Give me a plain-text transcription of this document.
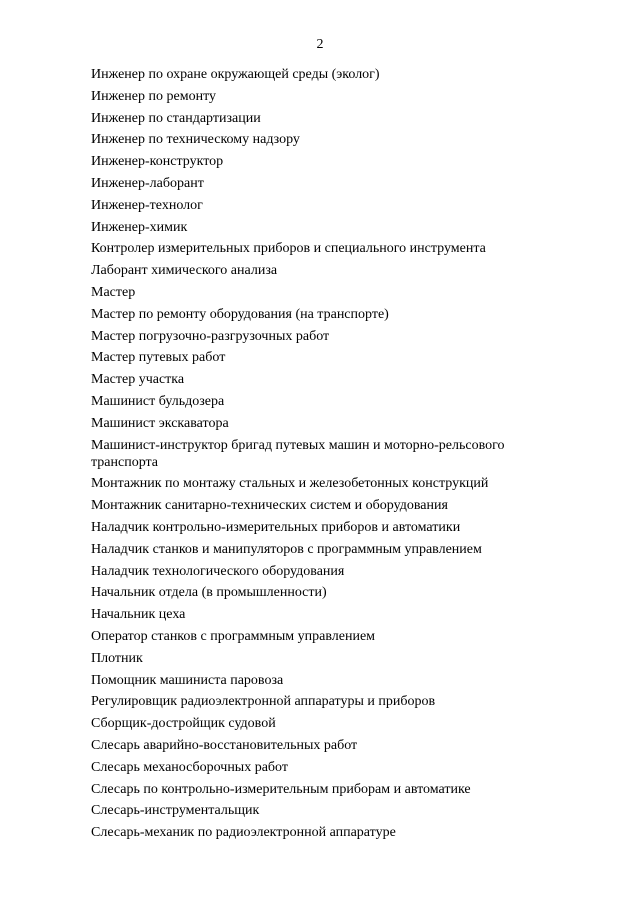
2
Инженер по охране окружающей среды (эколог)
Инженер по ремонту
Инженер по стандартизации
Инженер по техническому надзору
Инженер-конструктор
Инженер-лаборант
Инженер-технолог
Инженер-химик
Контролер измерительных приборов и специального инструмента
Лаборант химического анализа
Мастер
Мастер по ремонту оборудования (на транспорте)
Мастер погрузочно-разгрузочных работ
Мастер путевых работ
Мастер участка
Машинист бульдозера
Машинист экскаватора
Машинист-инструктор бригад путевых машин и моторно-рельсового транспорта
Монтажник по монтажу стальных и железобетонных конструкций
Монтажник санитарно-технических систем и оборудования
Наладчик контрольно-измерительных приборов и автоматики
Наладчик станков и манипуляторов с программным управлением
Наладчик технологического оборудования
Начальник отдела (в промышленности)
Начальник цеха
Оператор станков с программным управлением
Плотник
Помощник машиниста паровоза
Регулировщик радиоэлектронной аппаратуры и приборов
Сборщик-достройщик судовой
Слесарь аварийно-восстановительных работ
Слесарь механосборочных работ
Слесарь по контрольно-измерительным приборам и автоматике
Слесарь-инструментальщик
Слесарь-механик по радиоэлектронной аппаратуре
